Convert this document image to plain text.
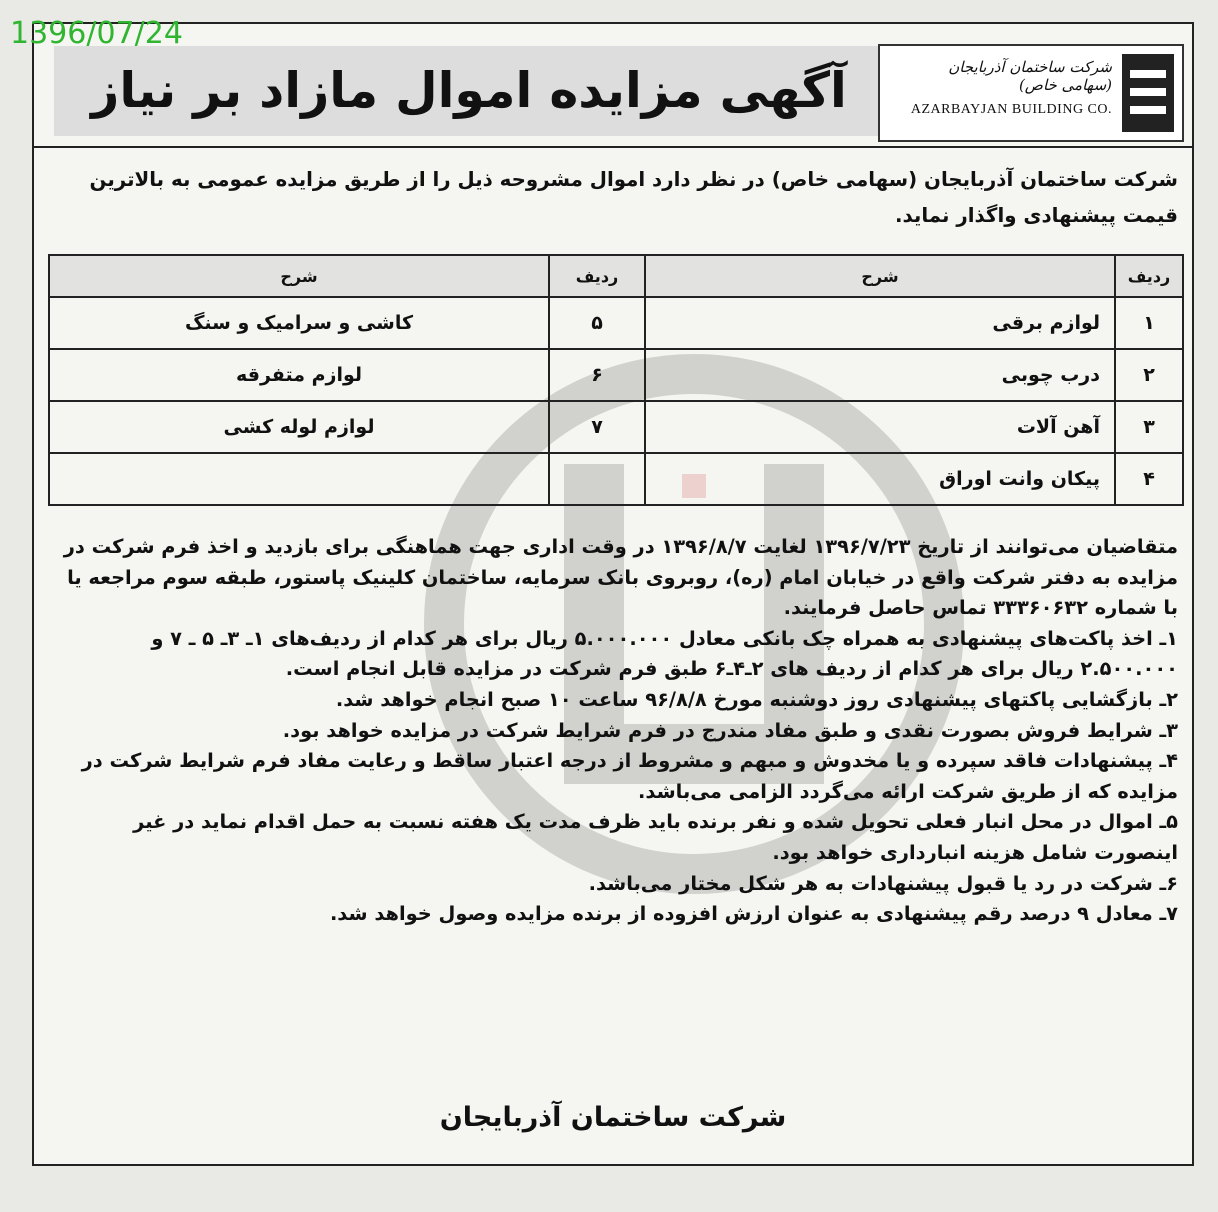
1396/07/24
آگهی مزایده اموال مازاد بر نیاز	شرکت ساختمان آذربایجان (سهامی خاص)
AZARBAYJAN BUILDING CO.
شرکت ساختمان آذربایجان (سهامی خاص) در نظر دارد اموال مشروحه ذیل را از طریق مزایده عمومی به بالاترین قیمت پیشنهادی واگذار نماید.
ردیف	شرح	ردیف	شرح
۱	لوازم برقی	۵	کاشی و سرامیک و سنگ
۲	درب چوبی	۶	لوازم متفرقه
۳	آهن آلات	۷	لوازم لوله کشی
۴	پیکان وانت اوراق		

متقاضیان می‌توانند از تاریخ ۱۳۹۶/۷/۲۳ لغایت ۱۳۹۶/۸/۷ در وقت اداری جهت هماهنگی برای بازدید و اخذ فرم شرکت در مزایده به دفتر شرکت واقع در خیابان امام (ره)، روبروی بانک سرمایه، ساختمان کلینیک پاستور، طبقه سوم مراجعه یا با شماره ۳۳۳۶۰۶۳۲ تماس حاصل فرمایند.

۱ـ اخذ پاکت‌های پیشنهادی به همراه چک بانکی معادل ۵.۰۰۰.۰۰۰ ریال برای هر کدام از ردیف‌های ۱ـ ۳ـ ۵ ـ ۷ و ۲.۵۰۰.۰۰۰ ریال برای هر کدام از ردیف های ۲ـ۴ـ۶ طبق فرم شرکت در مزایده قابل انجام است.

۲ـ بازگشایی پاکتهای پیشنهادی روز دوشنبه مورخ ۹۶/۸/۸ ساعت ۱۰ صبح انجام خواهد شد.

۳ـ شرایط فروش بصورت نقدی و طبق مفاد مندرج در فرم شرایط شرکت در مزایده خواهد بود.

۴ـ پیشنهادات فاقد سپرده و یا مخدوش و مبهم و مشروط از درجه اعتبار ساقط و رعایت مفاد فرم شرایط شرکت در مزایده که از طریق شرکت ارائه می‌گردد الزامی می‌باشد.

۵ـ اموال در محل انبار فعلی تحویل شده و نفر برنده باید ظرف مدت یک هفته نسبت به حمل اقدام نماید در غیر اینصورت شامل هزینه انبارداری خواهد بود.

۶ـ شرکت در رد یا قبول پیشنهادات به هر شکل مختار می‌باشد.

۷ـ معادل ۹ درصد رقم پیشنهادی به عنوان ارزش افزوده از برنده مزایده وصول خواهد شد.

شرکت ساختمان آذربایجان
